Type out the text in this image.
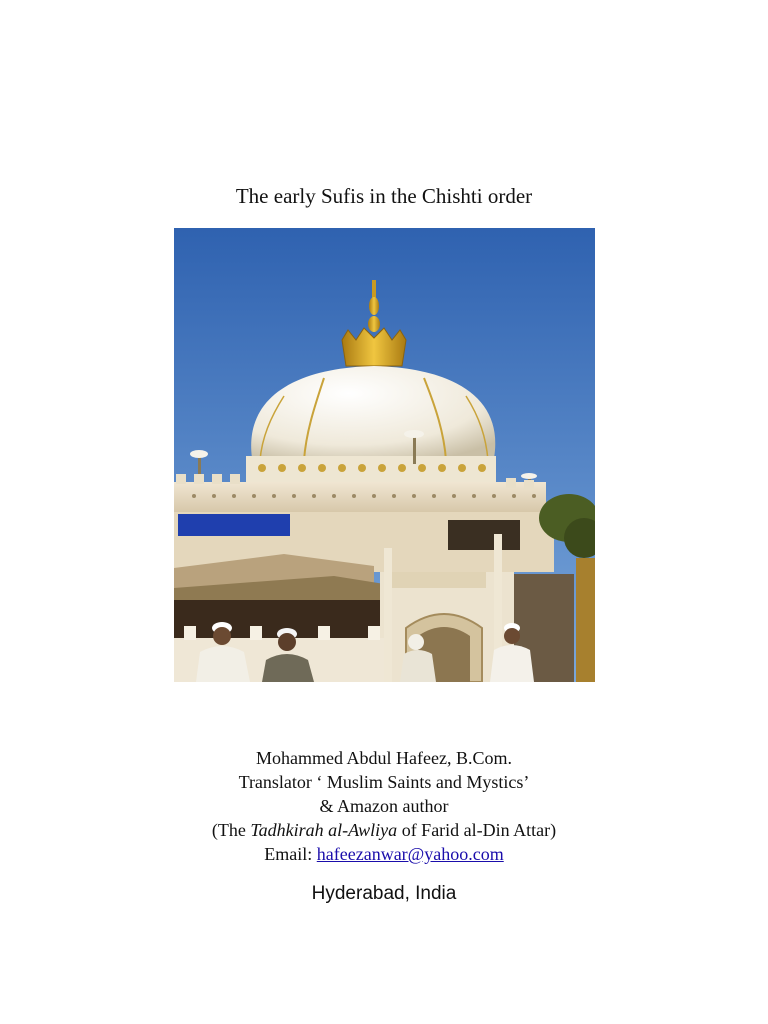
The early Sufis in the Chishti order
Mohammed Abdul Hafeez, B.Com.
Translator ‘ Muslim Saints and Mystics’
& Amazon author
(The Tadhkirah al-Awliya of Farid al-Din Attar)
Email: hafeezanwar@yahoo.com
Hyderabad, India
